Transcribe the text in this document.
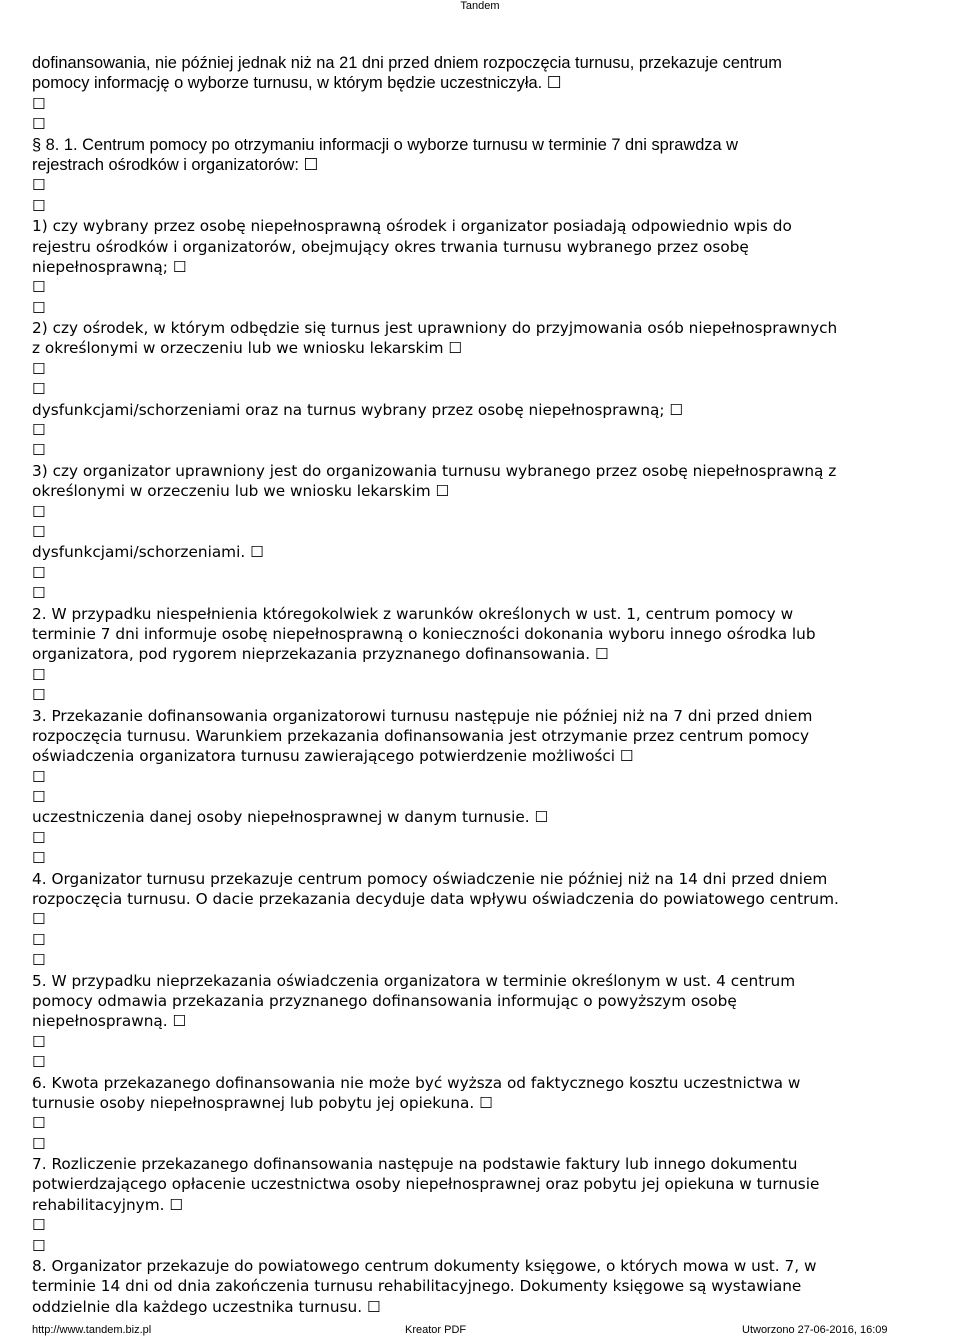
Tandem
dofinansowania, nie później jednak niż na 21 dni przed dniem rozpoczęcia turnusu, przekazuje centrum
pomocy informację o wyborze turnusu, w którym będzie uczestniczyła. ☐
☐
☐
§ 8. 1. Centrum pomocy po otrzymaniu informacji o wyborze turnusu w terminie 7 dni sprawdza w
rejestrach ośrodków i organizatorów: ☐
☐
☐
1) czy wybrany przez osobę niepełnosprawną ośrodek i organizator posiadają odpowiednio wpis do
rejestru ośrodków i organizatorów, obejmujący okres trwania turnusu wybranego przez osobę
niepełnosprawną; ☐
☐
☐
2) czy ośrodek, w którym odbędzie się turnus jest uprawniony do przyjmowania osób niepełnosprawnych
z określonymi w orzeczeniu lub we wniosku lekarskim ☐
☐
☐
dysfunkcjami/schorzeniami oraz na turnus wybrany przez osobę niepełnosprawną; ☐
☐
☐
3) czy organizator uprawniony jest do organizowania turnusu wybranego przez osobę niepełnosprawną z
określonymi w orzeczeniu lub we wniosku lekarskim ☐
☐
☐
dysfunkcjami/schorzeniami. ☐
☐
☐
2. W przypadku niespełnienia któregokolwiek z warunków określonych w ust. 1, centrum pomocy w
terminie 7 dni informuje osobę niepełnosprawną o konieczności dokonania wyboru innego ośrodka lub
organizatora, pod rygorem nieprzekazania przyznanego dofinansowania. ☐
☐
☐
3. Przekazanie dofinansowania organizatorowi turnusu następuje nie później niż na 7 dni przed dniem
rozpoczęcia turnusu. Warunkiem przekazania dofinansowania jest otrzymanie przez centrum pomocy
oświadczenia organizatora turnusu zawierającego potwierdzenie możliwości ☐
☐
☐
uczestniczenia danej osoby niepełnosprawnej w danym turnusie. ☐
☐
☐
4. Organizator turnusu przekazuje centrum pomocy oświadczenie nie później niż na 14 dni przed dniem
rozpoczęcia turnusu. O dacie przekazania decyduje data wpływu oświadczenia do powiatowego centrum.
☐
☐
☐
5. W przypadku nieprzekazania oświadczenia organizatora w terminie określonym w ust. 4 centrum
pomocy odmawia przekazania przyznanego dofinansowania informując o powyższym osobę
niepełnosprawną. ☐
☐
☐
6. Kwota przekazanego dofinansowania nie może być wyższa od faktycznego kosztu uczestnictwa w
turnusie osoby niepełnosprawnej lub pobytu jej opiekuna. ☐
☐
☐
7. Rozliczenie przekazanego dofinansowania następuje na podstawie faktury lub innego dokumentu
potwierdzającego opłacenie uczestnictwa osoby niepełnosprawnej oraz pobytu jej opiekuna w turnusie
rehabilitacyjnym. ☐
☐
☐
8. Organizator przekazuje do powiatowego centrum dokumenty księgowe, o których mowa w ust. 7, w
terminie 14 dni od dnia zakończenia turnusu rehabilitacyjnego. Dokumenty księgowe są wystawiane
oddzielnie dla każdego uczestnika turnusu. ☐
http://www.tandem.biz.pl	Kreator PDF	Utworzono 27-06-2016, 16:09
